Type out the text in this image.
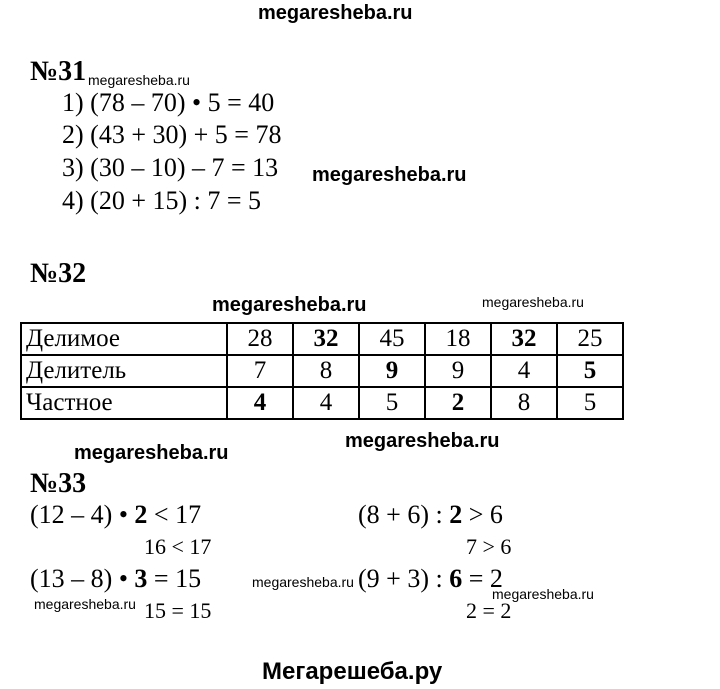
megaresheba.ru
№31 megaresheba.ru
1) (78 – 70) • 5 = 40
2) (43 + 30) + 5 = 78
3) (30 – 10) – 7 = 13 megaresheba.ru
4) (20 + 15) : 7 = 5
№32
megaresheba.ru	megaresheba.ru
Делимое	28	32	45	18	32	25
Делитель	7	8	9	9	4	5
Частное	4	4	5	2	8	5
megaresheba.ru
megaresheba.ru
№33
(12 – 4) • 2 < 17
16 < 17
(13 – 8) • 3 = 15
megaresheba.ru 15 = 15
(8 + 6) : 2 > 6
7 > 6
megaresheba.ru (9 + 3) : 6 = 2
megaresheba.ru
2 = 2
Мегарешеба.ру
